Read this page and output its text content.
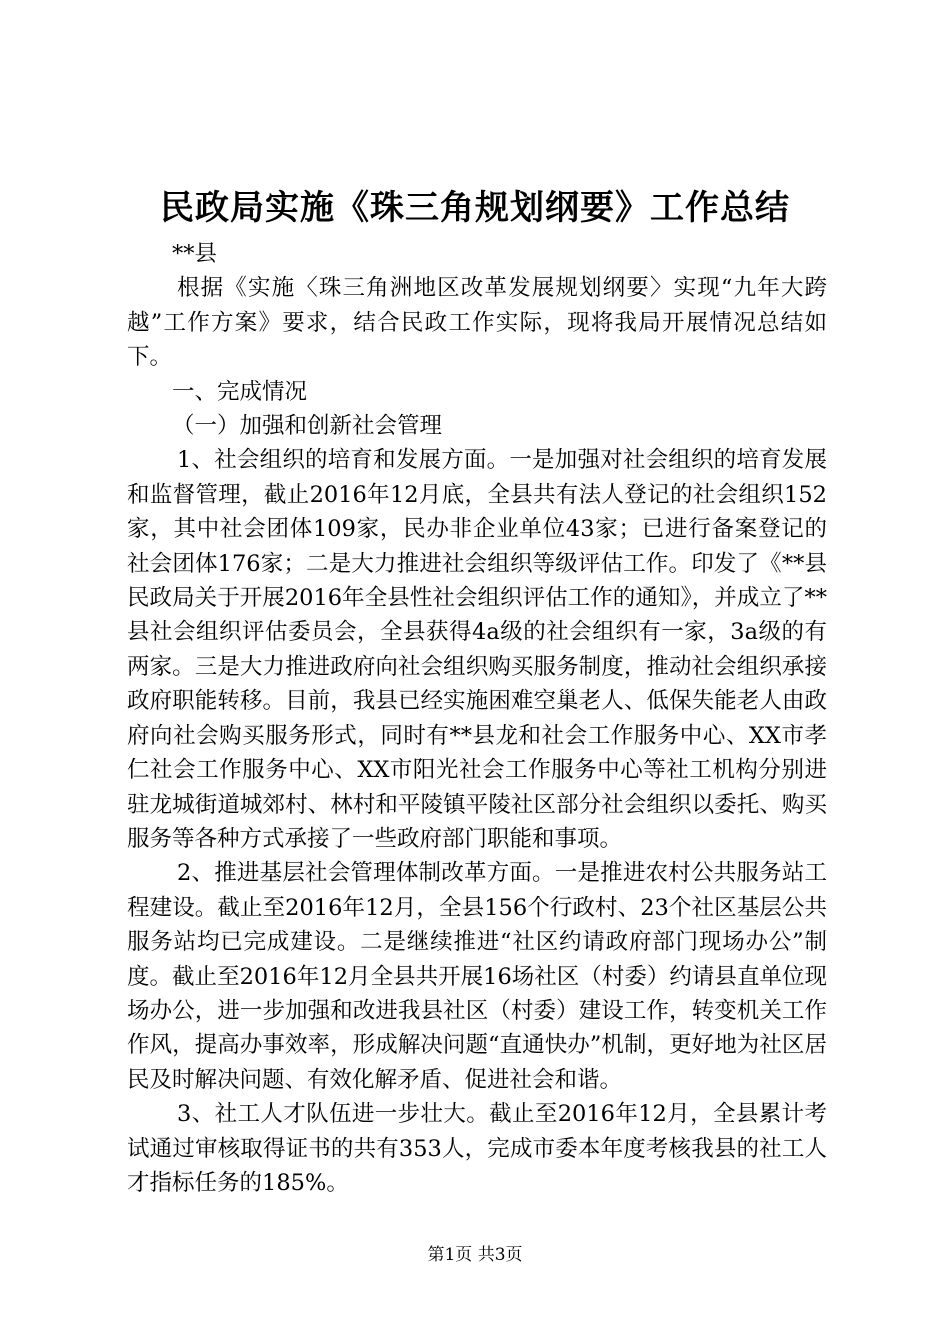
民政局实施《珠三角规划纲要》工作总结

**县

根据《实施〈珠三角洲地区改革发展规划纲要〉实现“九年大跨越”工作方案》要求，结合民政工作实际，现将我局开展情况总结如下。

一、完成情况

（一）加强和创新社会管理

1、社会组织的培育和发展方面。一是加强对社会组织的培育发展和监督管理，截止2016年12月底，全县共有法人登记的社会组织152家，其中社会团体109家，民办非企业单位43家；已进行备案登记的社会团体176家；二是大力推进社会组织等级评估工作。印发了《**县民政局关于开展2016年全县性社会组织评估工作的通知》，并成立了**县社会组织评估委员会，全县获得4a级的社会组织有一家，3a级的有两家。三是大力推进政府向社会组织购买服务制度，推动社会组织承接政府职能转移。目前，我县已经实施困难空巢老人、低保失能老人由政府向社会购买服务形式，同时有**县龙和社会工作服务中心、XX市孝仁社会工作服务中心、XX市阳光社会工作服务中心等社工机构分别进驻龙城街道城郊村、林村和平陵镇平陵社区部分社会组织以委托、购买服务等各种方式承接了一些政府部门职能和事项。

2、推进基层社会管理体制改革方面。一是推进农村公共服务站工程建设。截止至2016年12月，全县156个行政村、23个社区基层公共服务站均已完成建设。二是继续推进“社区约请政府部门现场办公”制度。截止至2016年12月全县共开展16场社区（村委）约请县直单位现场办公，进一步加强和改进我县社区（村委）建设工作，转变机关工作作风，提高办事效率，形成解决问题“直通快办”机制，更好地为社区居民及时解决问题、有效化解矛盾、促进社会和谐。

3、社工人才队伍进一步壮大。截止至2016年12月，全县累计考试通过审核取得证书的共有353人，完成市委本年度考核我县的社工人才指标任务的185%。

第1页 共3页
